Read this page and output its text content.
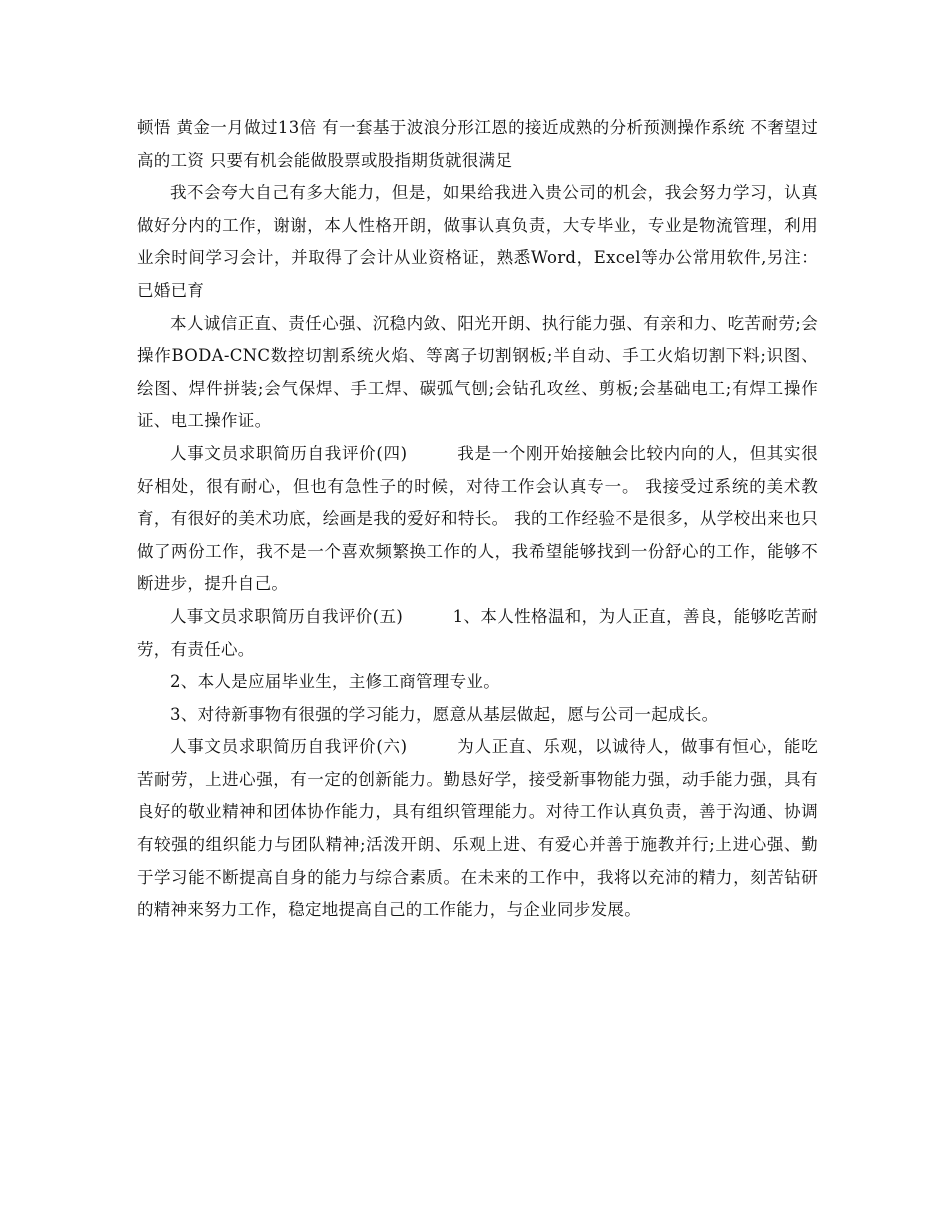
顿悟 黄金一月做过13倍 有一套基于波浪分形江恩的接近成熟的分析预测操作系统 不奢望过高的工资 只要有机会能做股票或股指期货就很满足

我不会夸大自己有多大能力，但是，如果给我进入贵公司的机会，我会努力学习，认真做好分内的工作，谢谢，本人性格开朗，做事认真负责，大专毕业，专业是物流管理，利用业余时间学习会计，并取得了会计从业资格证，熟悉Word，Excel等办公常用软件,另注：已婚已育

本人诚信正直、责任心强、沉稳内敛、阳光开朗、执行能力强、有亲和力、吃苦耐劳;会操作BODA-CNC数控切割系统火焰、等离子切割钢板;半自动、手工火焰切割下料;识图、绘图、焊件拼装;会气保焊、手工焊、碳弧气刨;会钻孔攻丝、剪板;会基础电工;有焊工操作证、电工操作证。

人事文员求职简历自我评价(四)	我是一个刚开始接触会比较内向的人，但其实很好相处，很有耐心，但也有急性子的时候，对待工作会认真专一。 我接受过系统的美术教育，有很好的美术功底，绘画是我的爱好和特长。 我的工作经验不是很多，从学校出来也只做了两份工作，我不是一个喜欢频繁换工作的人，我希望能够找到一份舒心的工作，能够不断进步，提升自己。

人事文员求职简历自我评价(五)	1、本人性格温和，为人正直，善良，能够吃苦耐劳，有责任心。

2、本人是应届毕业生，主修工商管理专业。

3、对待新事物有很强的学习能力，愿意从基层做起，愿与公司一起成长。

人事文员求职简历自我评价(六)	为人正直、乐观，以诚待人，做事有恒心，能吃苦耐劳，上进心强，有一定的创新能力。勤恳好学，接受新事物能力强，动手能力强，具有良好的敬业精神和团体协作能力，具有组织管理能力。对待工作认真负责，善于沟通、协调有较强的组织能力与团队精神;活泼开朗、乐观上进、有爱心并善于施教并行;上进心强、勤于学习能不断提高自身的能力与综合素质。在未来的工作中，我将以充沛的精力，刻苦钻研的精神来努力工作，稳定地提高自己的工作能力，与企业同步发展。
